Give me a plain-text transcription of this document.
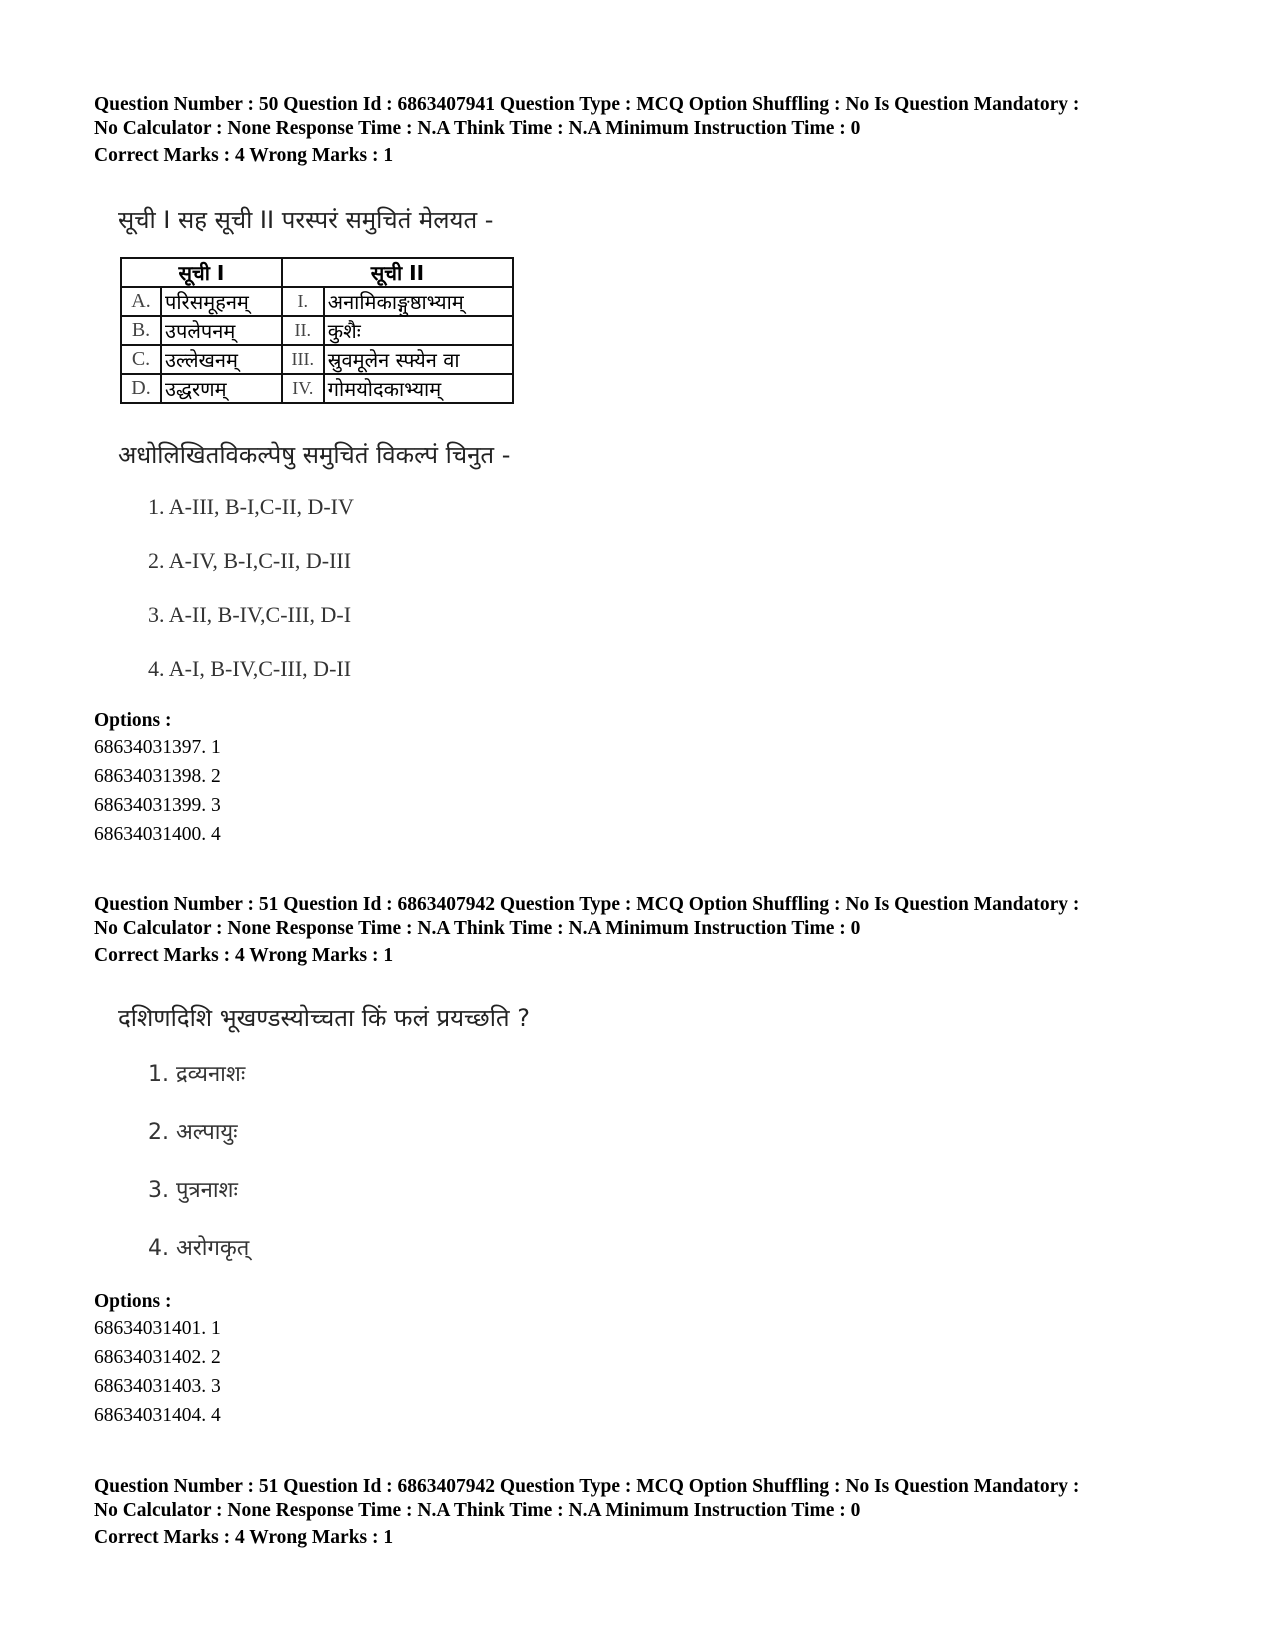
Question Number : 50 Question Id : 6863407941 Question Type : MCQ Option Shuffling : No Is Question Mandatory :
No Calculator : None Response Time : N.A Think Time : N.A Minimum Instruction Time : 0
Correct Marks : 4 Wrong Marks : 1
सूची I सह सूची II परस्परं समुचितं मेलयत -
सूची I		सूची II	
A.	परिसमूहनम्	I.	अनामिकाङ्गुष्ठाभ्याम्
B.	उपलेपनम्	II.	कुशैः
C.	उल्लेखनम्	III.	स्रुवमूलेन स्फ्येन वा
D.	उद्धरणम्	IV.	गोमयोदकाभ्याम्
अधोलिखितविकल्पेषु समुचितं विकल्पं चिनुत -
1. A-III, B-I,C-II, D-IV
2. A-IV, B-I,C-II, D-III
3. A-II, B-IV,C-III, D-I
4. A-I, B-IV,C-III, D-II
Options :
68634031397. 1
68634031398. 2
68634031399. 3
68634031400. 4
Question Number : 51 Question Id : 6863407942 Question Type : MCQ Option Shuffling : No Is Question Mandatory :
No Calculator : None Response Time : N.A Think Time : N.A Minimum Instruction Time : 0
Correct Marks : 4 Wrong Marks : 1
दशिणदिशि भूखण्डस्योच्चता किं फलं प्रयच्छति ?
1. द्रव्यनाशः
2. अल्पायुः
3. पुत्रनाशः
4. अरोगकृत्
Options :
68634031401. 1
68634031402. 2
68634031403. 3
68634031404. 4
Question Number : 51 Question Id : 6863407942 Question Type : MCQ Option Shuffling : No Is Question Mandatory :
No Calculator : None Response Time : N.A Think Time : N.A Minimum Instruction Time : 0
Correct Marks : 4 Wrong Marks : 1
